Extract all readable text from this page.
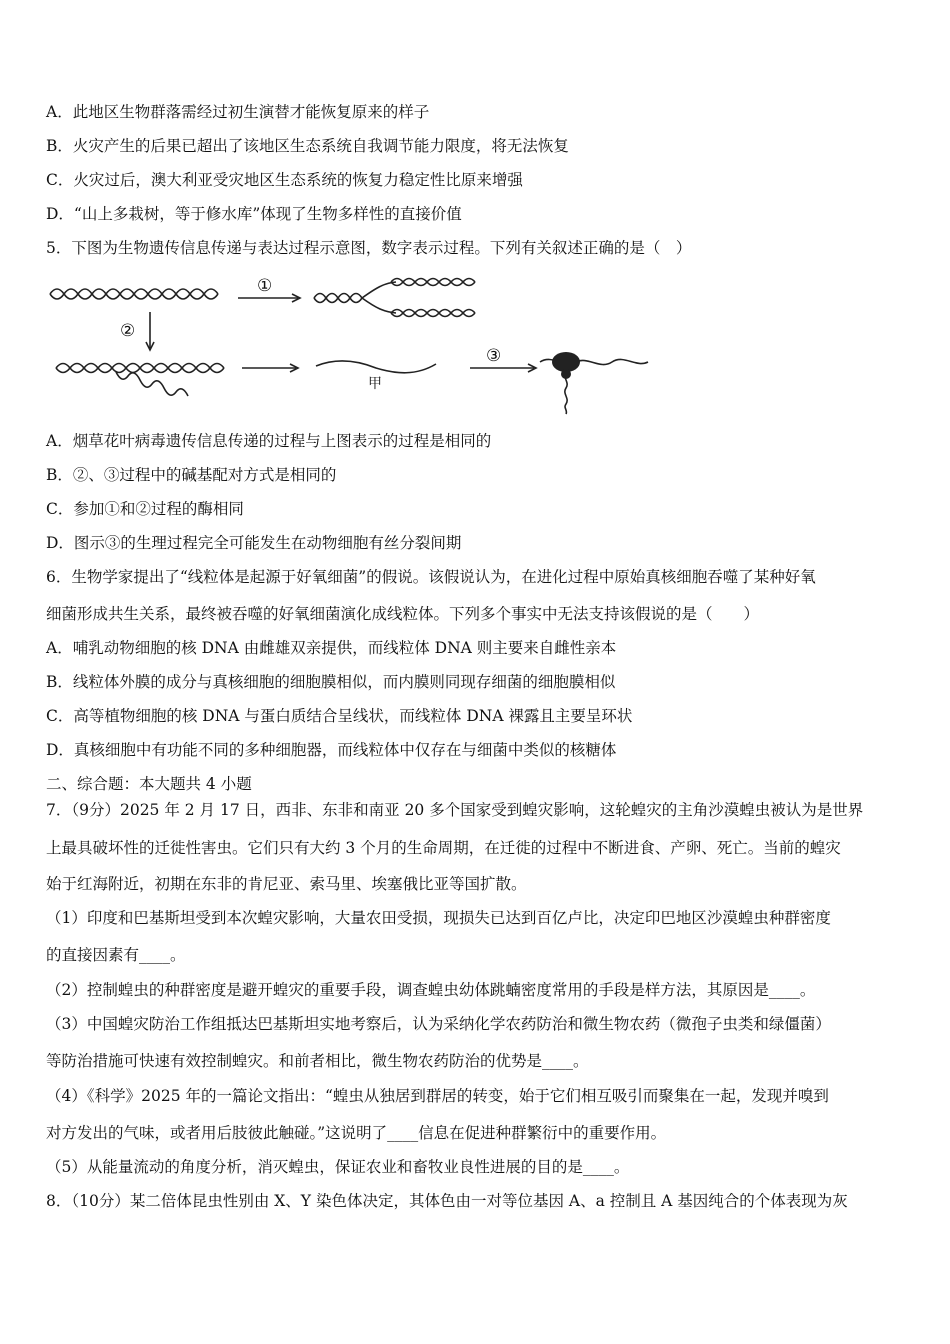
A．此地区生物群落需经过初生演替才能恢复原来的样子
B．火灾产生的后果已超出了该地区生态系统自我调节能力限度，将无法恢复
C．火灾过后，澳大利亚受灾地区生态系统的恢复力稳定性比原来增强
D．“山上多栽树，等于修水库”体现了生物多样性的直接价值
5．下图为生物遗传信息传递与表达过程示意图，数字表示过程。下列有关叙述正确的是（　）
①
②
③
甲
A．烟草花叶病毒遗传信息传递的过程与上图表示的过程是相同的
B．②、③过程中的碱基配对方式是相同的
C．参加①和②过程的酶相同
D．图示③的生理过程完全可能发生在动物细胞有丝分裂间期
6．生物学家提出了“线粒体是起源于好氧细菌”的假说。该假说认为，在进化过程中原始真核细胞吞噬了某种好氧
细菌形成共生关系，最终被吞噬的好氧细菌演化成线粒体。下列多个事实中无法支持该假说的是（　　）
A．哺乳动物细胞的核 DNA 由雌雄双亲提供，而线粒体 DNA 则主要来自雌性亲本
B．线粒体外膜的成分与真核细胞的细胞膜相似，而内膜则同现存细菌的细胞膜相似
C．高等植物细胞的核 DNA 与蛋白质结合呈线状，而线粒体 DNA 裸露且主要呈环状
D．真核细胞中有功能不同的多种细胞器，而线粒体中仅存在与细菌中类似的核糖体
二、综合题：本大题共 4 小题
7．（9分）2025 年 2 月 17 日，西非、东非和南亚 20 多个国家受到蝗灾影响，这轮蝗灾的主角沙漠蝗虫被认为是世界
上最具破坏性的迁徙性害虫。它们只有大约 3 个月的生命周期，在迁徙的过程中不断进食、产卵、死亡。当前的蝗灾
始于红海附近，初期在东非的肯尼亚、索马里、埃塞俄比亚等国扩散。
（1）印度和巴基斯坦受到本次蝗灾影响，大量农田受损，现损失已达到百亿卢比，决定印巴地区沙漠蝗虫种群密度
的直接因素有____。
（2）控制蝗虫的种群密度是避开蝗灾的重要手段，调查蝗虫幼体跳蝻密度常用的手段是样方法，其原因是____。
（3）中国蝗灾防治工作组抵达巴基斯坦实地考察后，认为采纳化学农药防治和微生物农药（微孢子虫类和绿僵菌）
等防治措施可快速有效控制蝗灾。和前者相比，微生物农药防治的优势是____。
（4）《科学》2025 年的一篇论文指出：“蝗虫从独居到群居的转变，始于它们相互吸引而聚集在一起，发现并嗅到
对方发出的气味，或者用后肢彼此触碰。”这说明了____信息在促进种群繁衍中的重要作用。
（5）从能量流动的角度分析，消灭蝗虫，保证农业和畜牧业良性进展的目的是____。
8．（10分）某二倍体昆虫性别由 X、Y 染色体决定，其体色由一对等位基因 A、a 控制且 A 基因纯合的个体表现为灰
